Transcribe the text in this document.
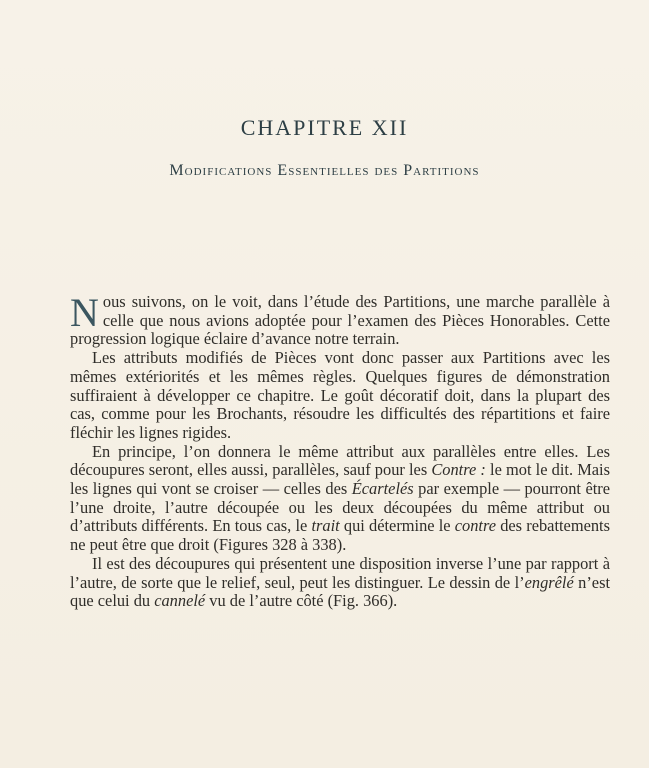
CHAPITRE XII
Modifications Essentielles des Partitions

Nous suivons, on le voit, dans l’étude des Partitions, une marche parallèle à celle que nous avions adoptée pour l’examen des Pièces Honorables. Cette progression logique éclaire d’avance notre terrain.

Les attributs modifiés de Pièces vont donc passer aux Partitions avec les mêmes extériorités et les mêmes règles. Quelques figures de démonstration suffiraient à développer ce chapitre. Le goût décoratif doit, dans la plupart des cas, comme pour les Brochants, résoudre les difficultés des répartitions et faire fléchir les lignes rigides.

En principe, l’on donnera le même attribut aux parallèles entre elles. Les découpures seront, elles aussi, parallèles, sauf pour les Contre : le mot le dit. Mais les lignes qui vont se croiser — celles des Écartelés par exemple — pourront être l’une droite, l’autre découpée ou les deux découpées du même attribut ou d’attributs différents. En tous cas, le trait qui détermine le contre des rebattements ne peut être que droit (Figures 328 à 338).

Il est des découpures qui présentent une disposition inverse l’une par rapport à l’autre, de sorte que le relief, seul, peut les distinguer. Le dessin de l’engrêlé n’est que celui du cannelé vu de l’autre côté (Fig. 366).
